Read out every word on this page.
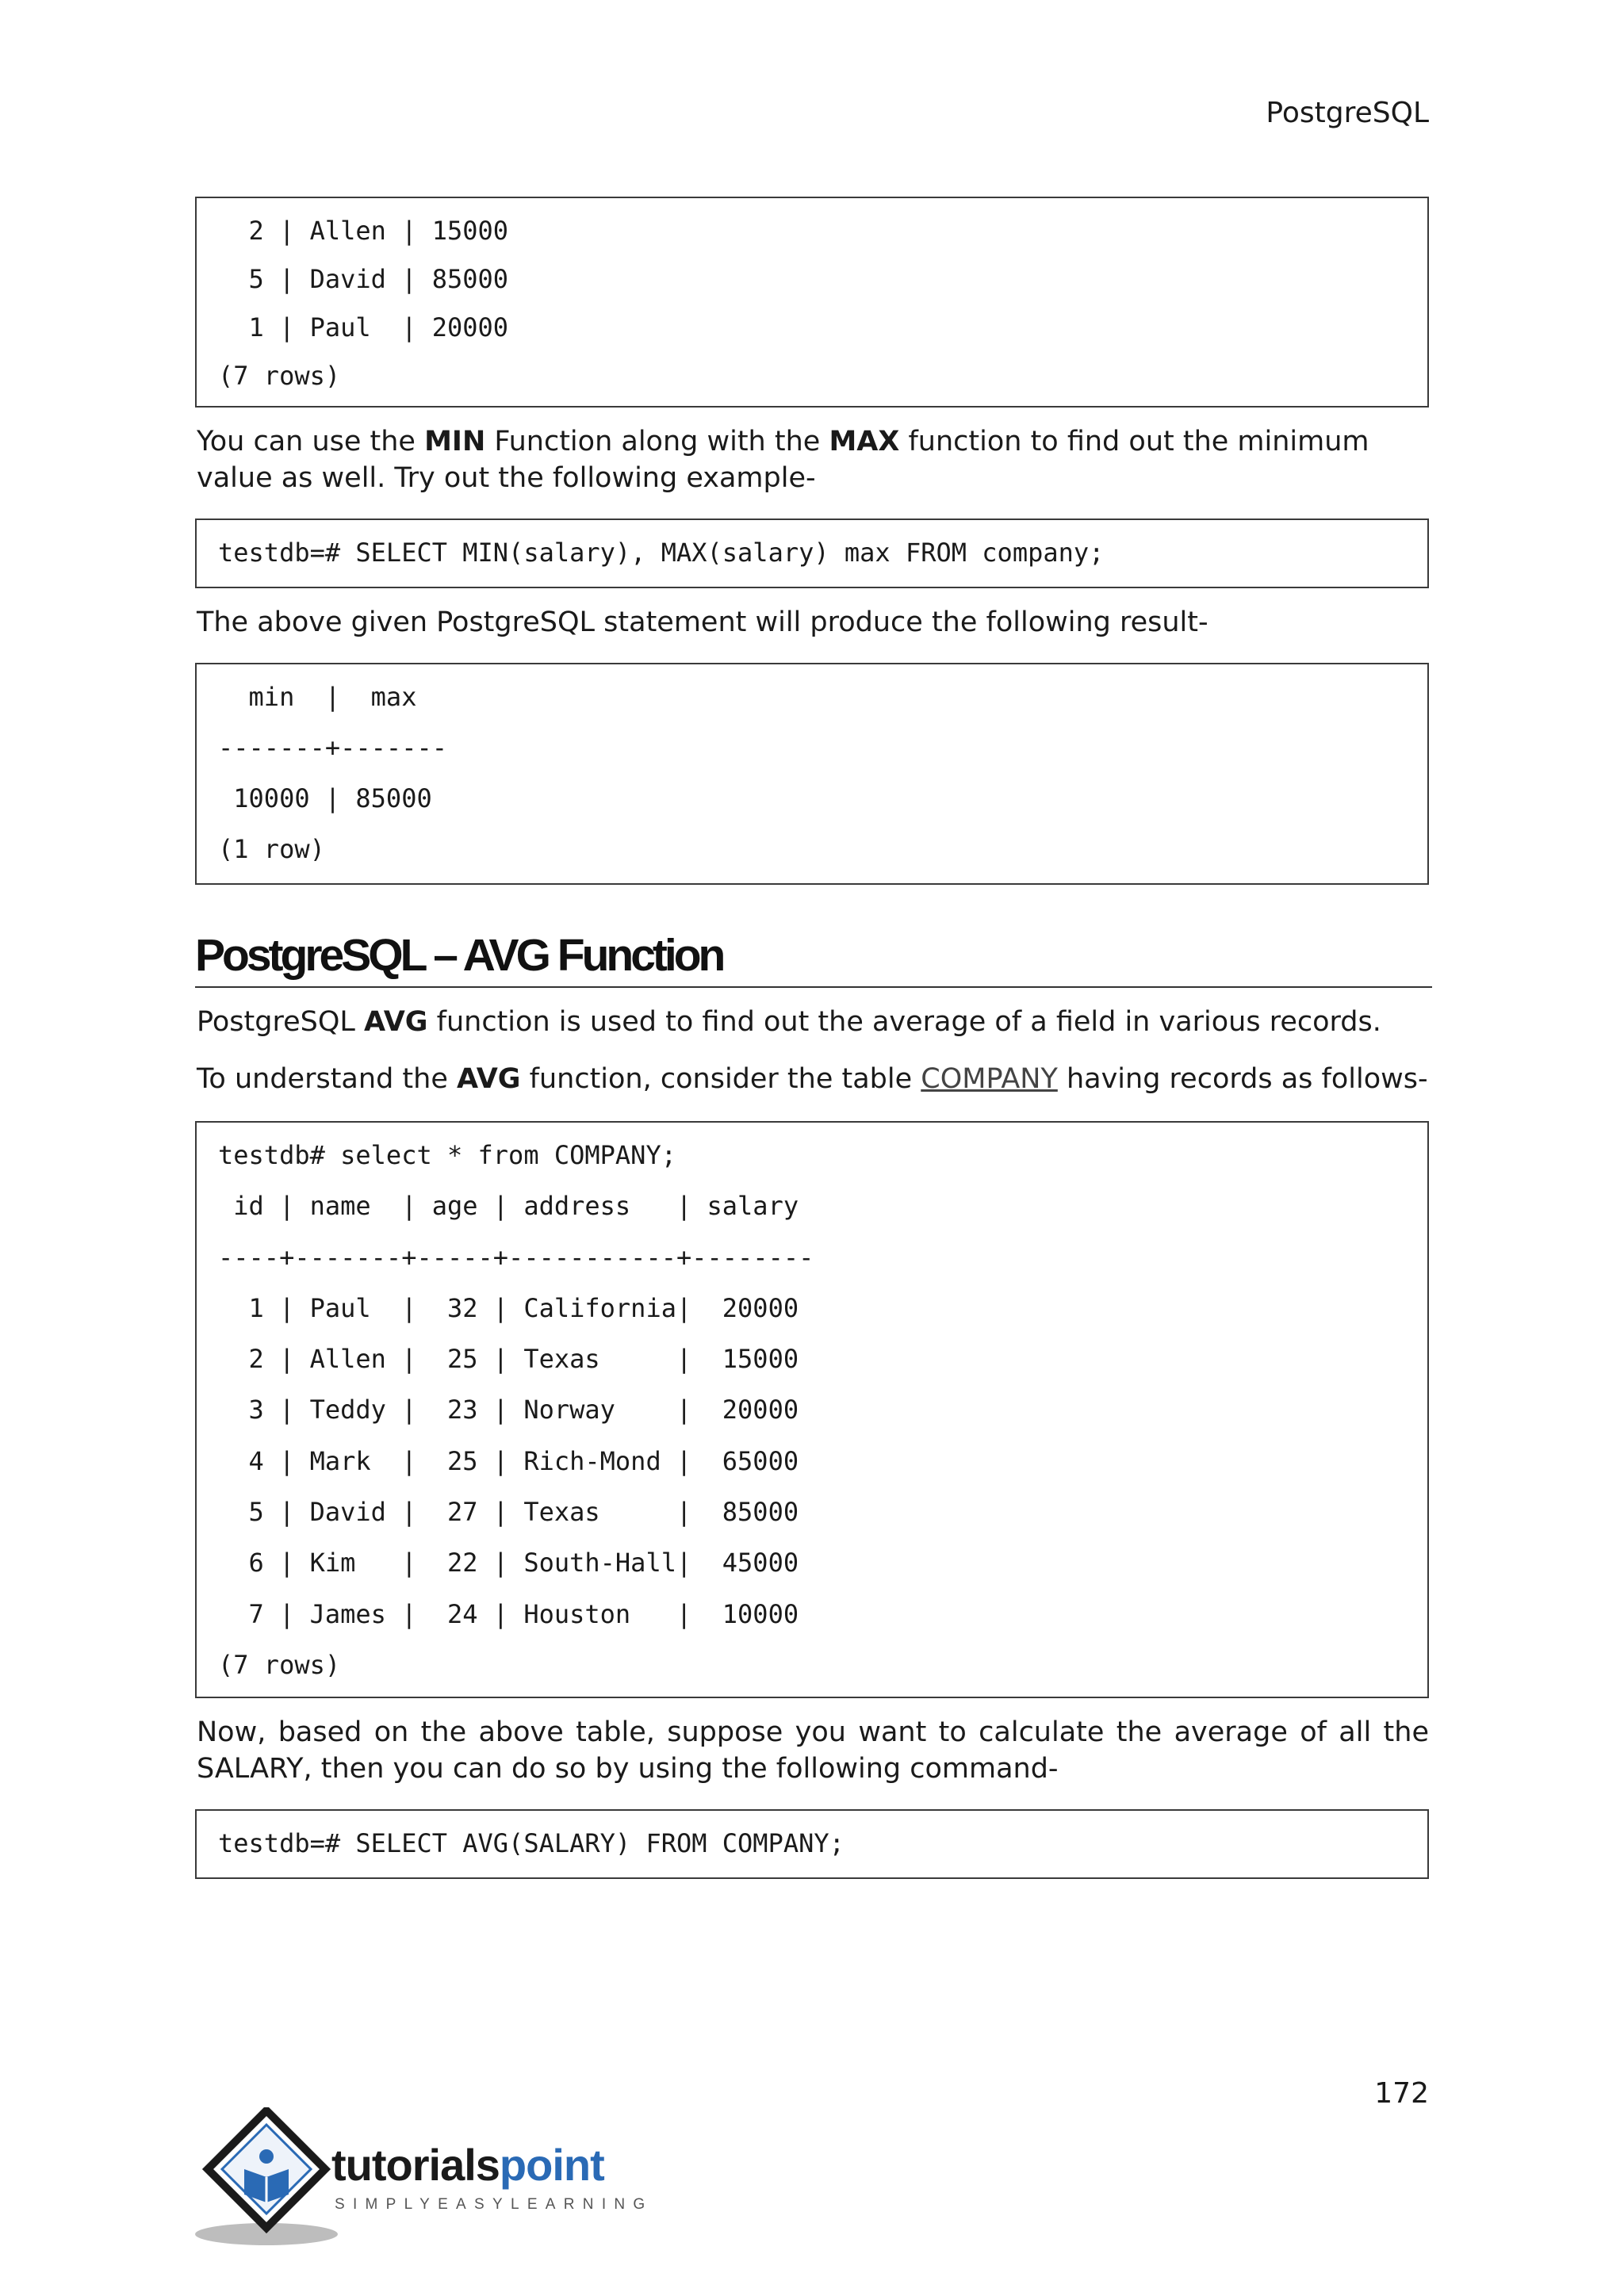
PostgreSQL
2 | Allen | 15000
5 | David | 85000
1 | Paul  | 20000
(7 rows)
You can use the MIN Function along with the MAX function to find out the minimum value as well. Try out the following example-
testdb=# SELECT MIN(salary), MAX(salary) max FROM company;
The above given PostgreSQL statement will produce the following result-
min  |  max
-------+-------
10000 | 85000
(1 row)
PostgreSQL – AVG Function
PostgreSQL AVG function is used to find out the average of a field in various records.
To understand the AVG function, consider the table COMPANY having records as follows-
testdb# select * from COMPANY;
id | name  | age | address   | salary
----+-------+-----+-----------+--------
1 | Paul  |  32 | California|  20000
2 | Allen |  25 | Texas     |  15000
3 | Teddy |  23 | Norway    |  20000
4 | Mark  |  25 | Rich-Mond |  65000
5 | David |  27 | Texas     |  85000
6 | Kim   |  22 | South-Hall|  45000
7 | James |  24 | Houston   |  10000
(7 rows)
Now, based on the above table, suppose you want to calculate the average of all the SALARY, then you can do so by using the following command-
testdb=# SELECT AVG(SALARY) FROM COMPANY;
172
tutorialspoint
SIMPLYEASYLEARNING
